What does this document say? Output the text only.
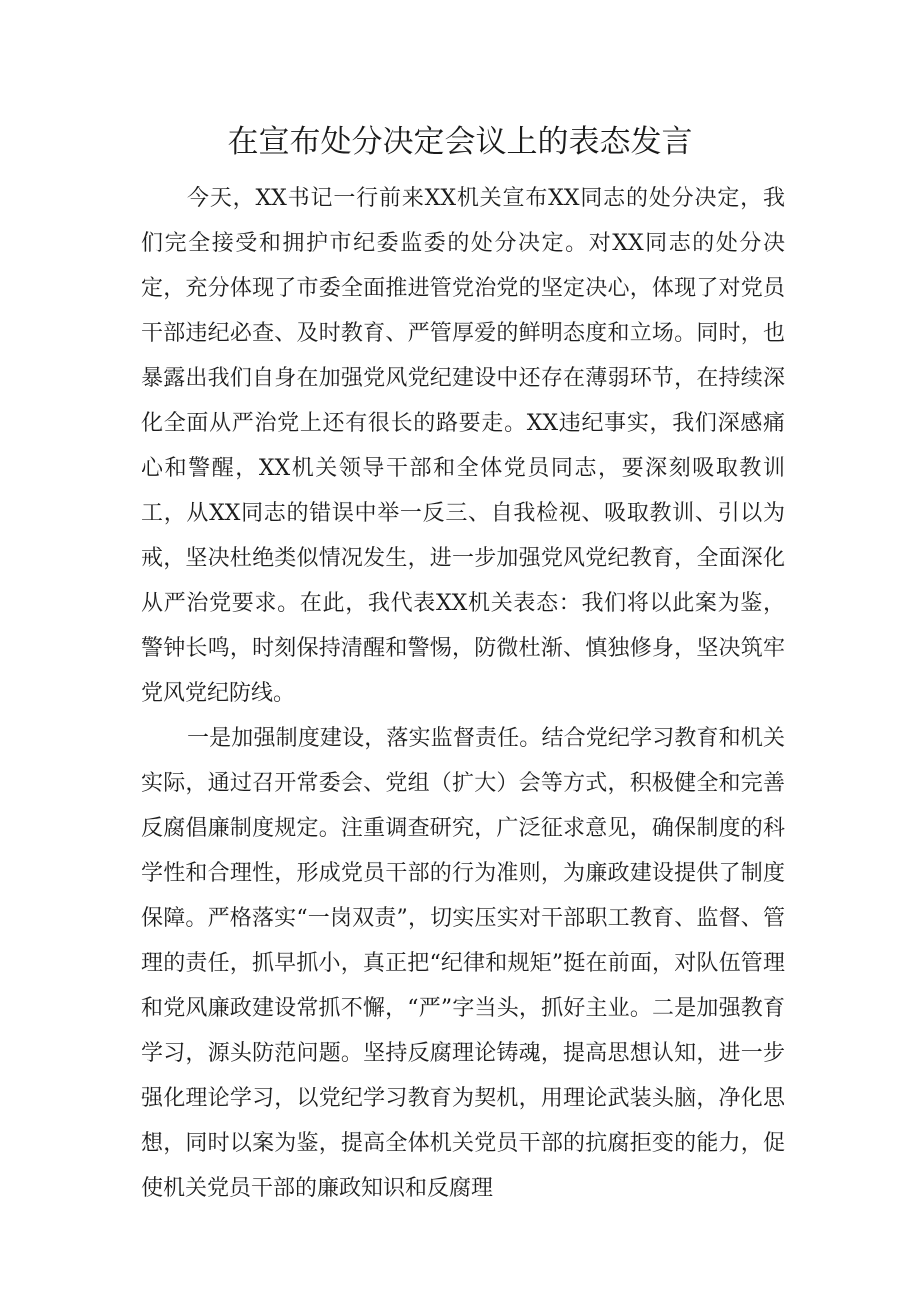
在宣布处分决定会议上的表态发言

今天，XX书记一行前来XX机关宣布XX同志的处分决定，我们完全接受和拥护市纪委监委的处分决定。对XX同志的处分决定，充分体现了市委全面推进管党治党的坚定决心，体现了对党员干部违纪必查、及时教育、严管厚爱的鲜明态度和立场。同时，也暴露出我们自身在加强党风党纪建设中还存在薄弱环节，在持续深化全面从严治党上还有很长的路要走。XX违纪事实，我们深感痛心和警醒，XX机关领导干部和全体党员同志，要深刻吸取教训工，从XX同志的错误中举一反三、自我检视、吸取教训、引以为戒，坚决杜绝类似情况发生，进一步加强党风党纪教育，全面深化从严治党要求。在此，我代表XX机关表态：我们将以此案为鉴，警钟长鸣，时刻保持清醒和警惕，防微杜渐、慎独修身，坚决筑牢党风党纪防线。

一是加强制度建设，落实监督责任。结合党纪学习教育和机关实际，通过召开常委会、党组（扩大）会等方式，积极健全和完善反腐倡廉制度规定。注重调查研究，广泛征求意见，确保制度的科学性和合理性，形成党员干部的行为准则，为廉政建设提供了制度保障。严格落实“一岗双责”，切实压实对干部职工教育、监督、管理的责任，抓早抓小，真正把“纪律和规矩”挺在前面，对队伍管理和党风廉政建设常抓不懈，“严”字当头，抓好主业。二是加强教育学习，源头防范问题。坚持反腐理论铸魂，提高思想认知，进一步强化理论学习，以党纪学习教育为契机，用理论武装头脑，净化思想，同时以案为鉴，提高全体机关党员干部的抗腐拒变的能力，促使机关党员干部的廉政知识和反腐理
